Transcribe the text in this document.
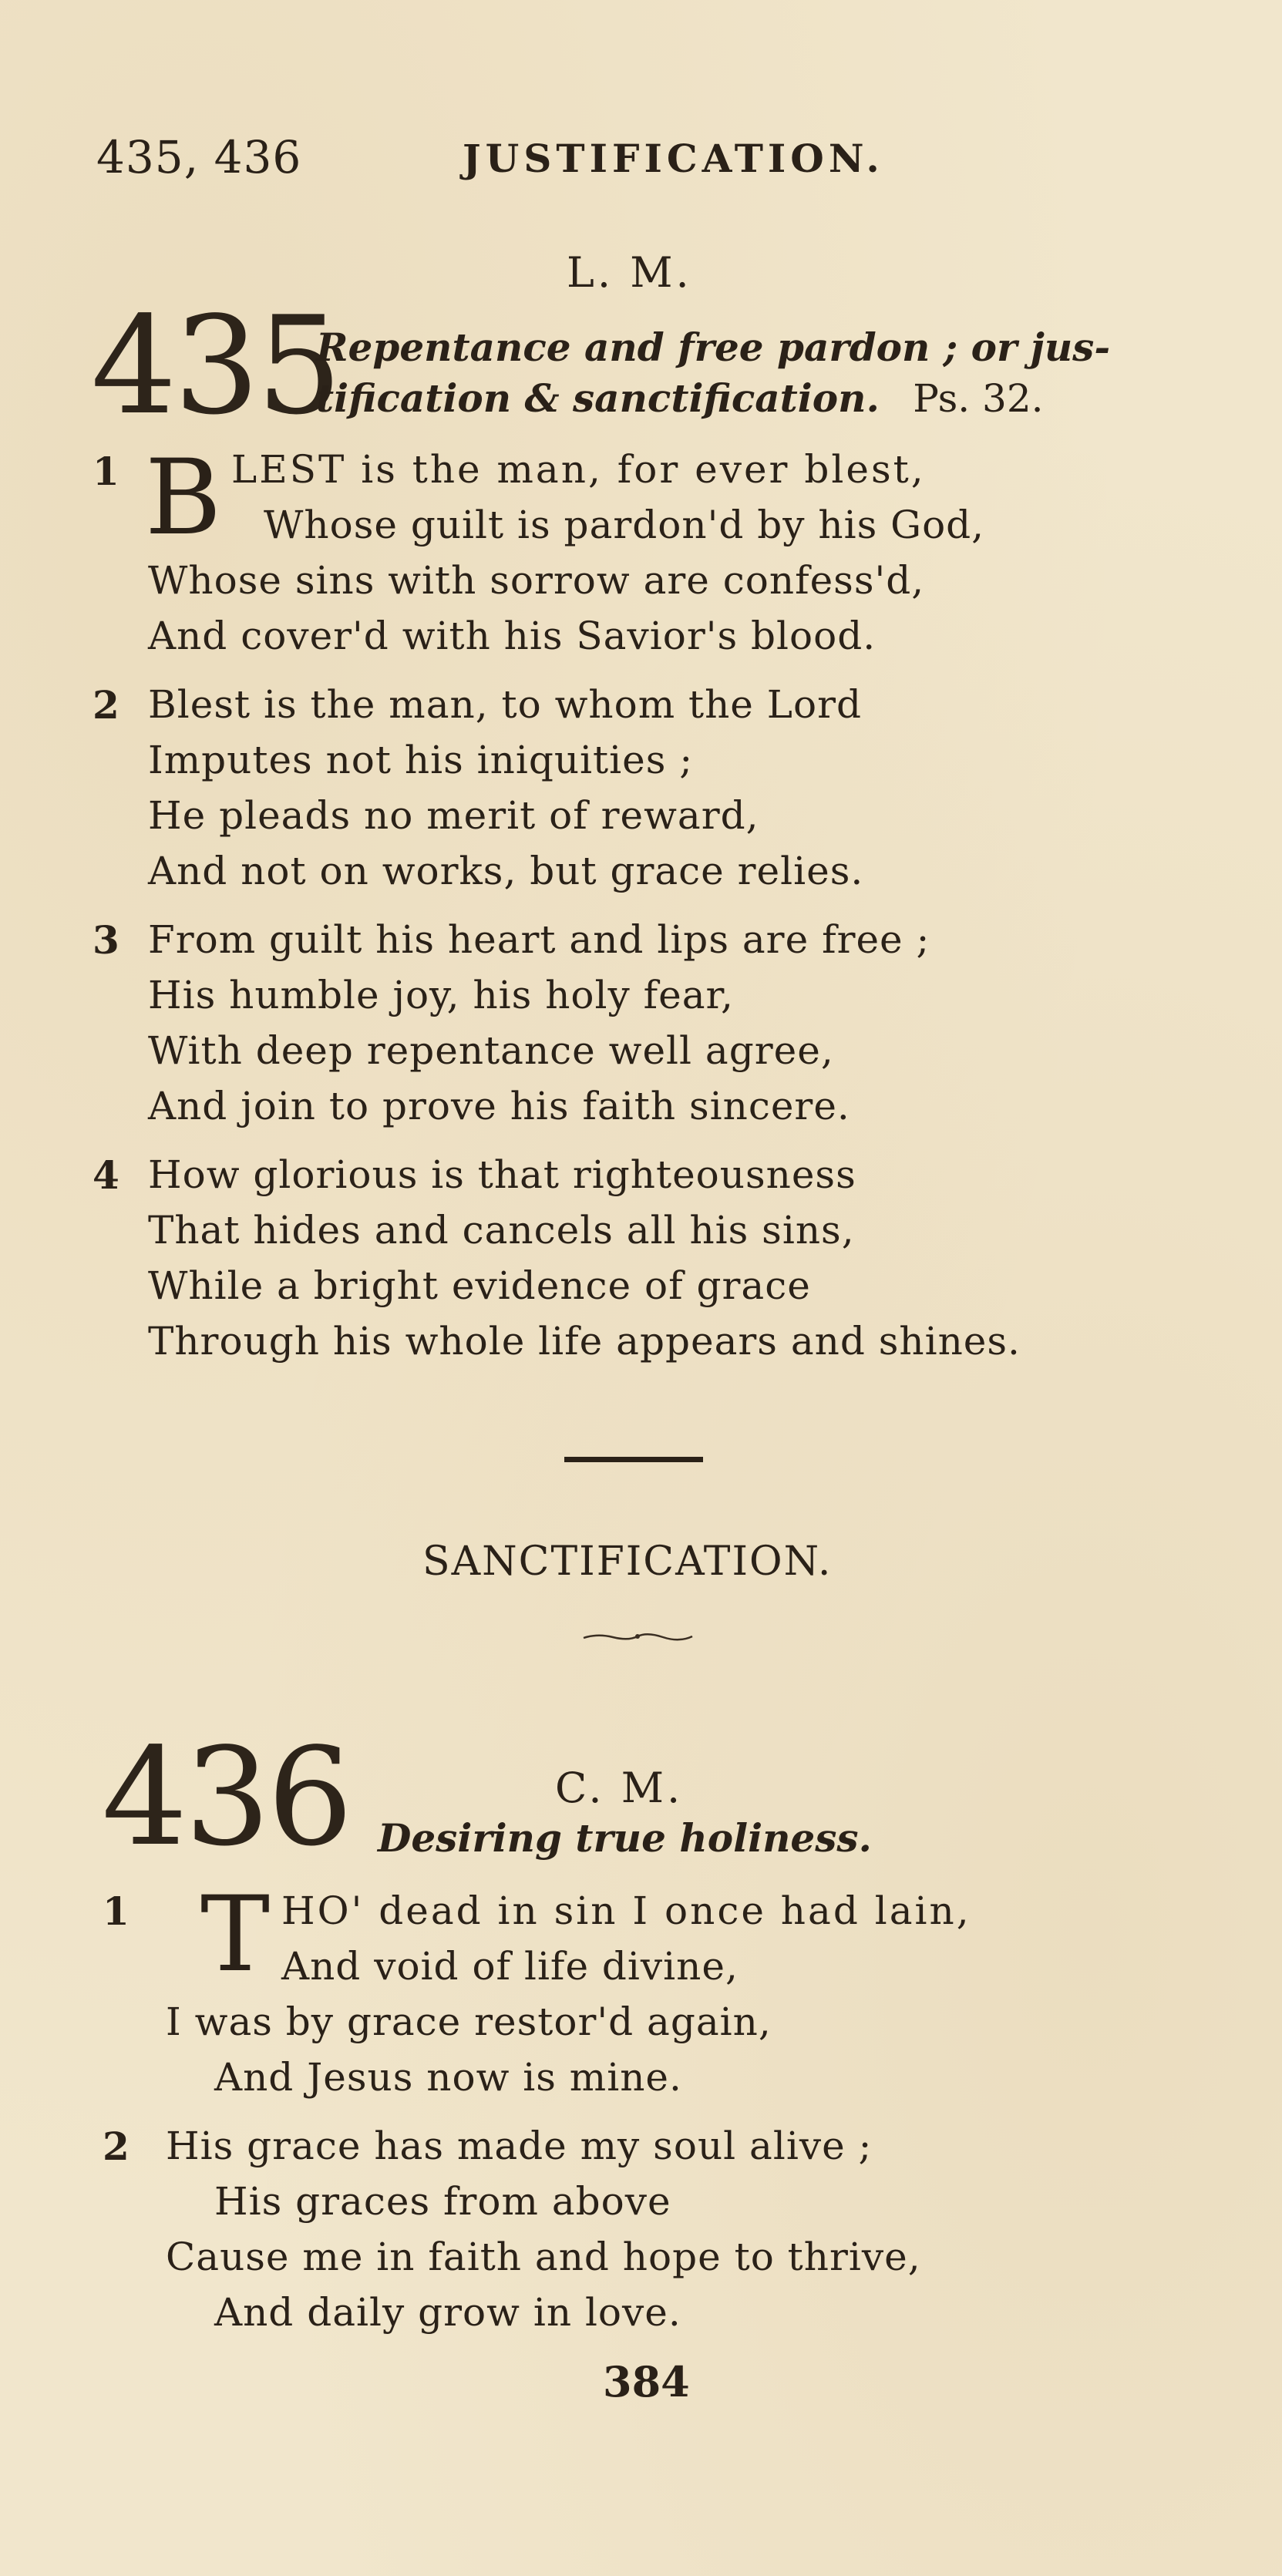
435, 436	JUSTIFICATION.
L. M.
435
Repentance and free pardon ; or jus-
tification & sanctification. Ps. 32.
1 B LEST is the man, for ever blest,
Whose guilt is pardon'd by his God,
Whose sins with sorrow are confess'd,
And cover'd with his Savior's blood.
2 Blest is the man, to whom the Lord
Imputes not his iniquities ;
He pleads no merit of reward,
And not on works, but grace relies.
3 From guilt his heart and lips are free ;
His humble joy, his holy fear,
With deep repentance well agree,
And join to prove his faith sincere.
4 How glorious is that righteousness
That hides and cancels all his sins,
While a bright evidence of grace
Through his whole life appears and shines.
SANCTIFICATION.
436	C. M.
Desiring true holiness.
1 T HO' dead in sin I once had lain,
And void of life divine,
I was by grace restor'd again,
And Jesus now is mine.
2 His grace has made my soul alive ;
His graces from above
Cause me in faith and hope to thrive,
And daily grow in love.
384
